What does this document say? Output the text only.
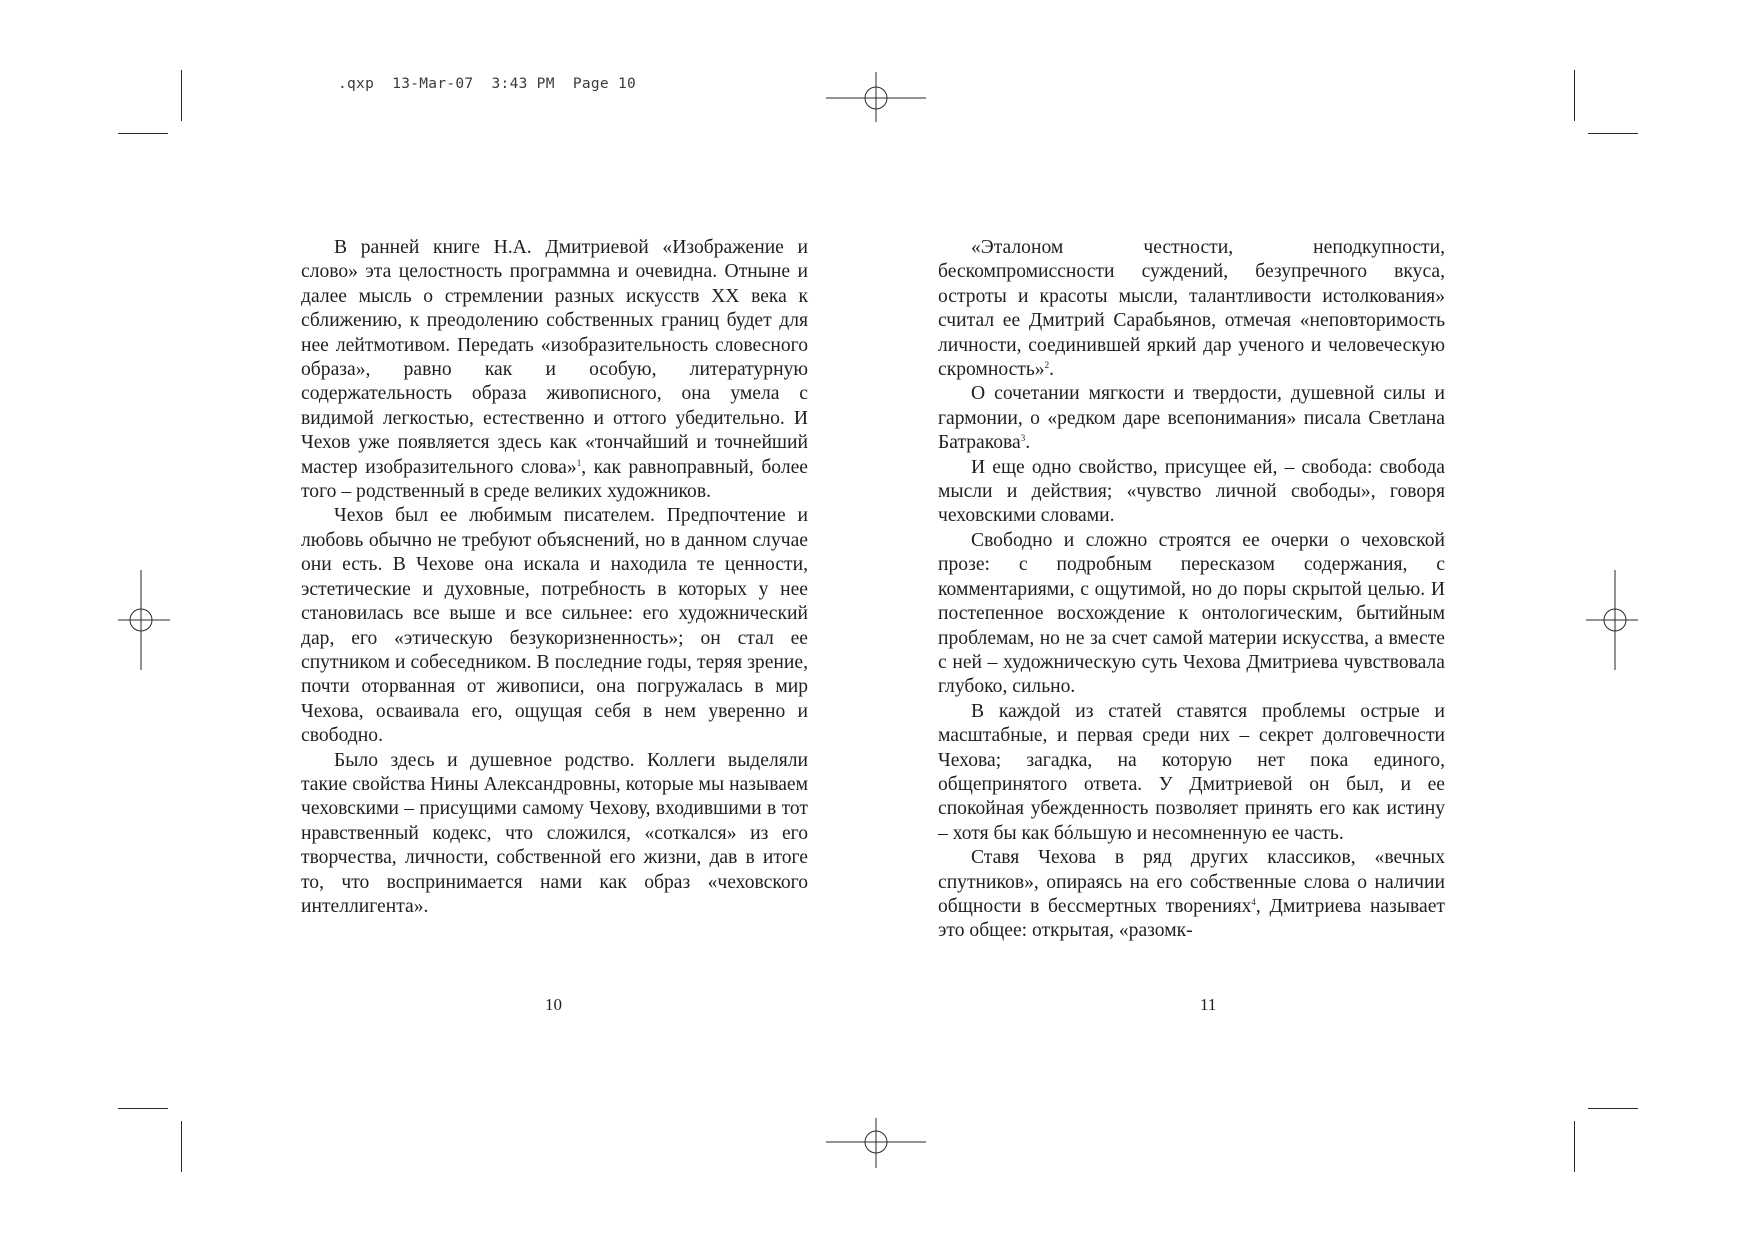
.qxp 13-Mar-07 3:43 PM Page 10

В ранней книге Н.А. Дмитриевой «Изображение и слово» эта целостность программна и очевидна. Отныне и далее мысль о стремлении разных искусств XX века к сближению, к преодолению собственных границ будет для нее лейтмотивом. Передать «изобразительность словесного образа», равно как и особую, литературную содержательность образа живописного, она умела с видимой легкостью, естественно и оттого убедительно. И Чехов уже появляется здесь как «тончайший и точнейший мастер изобразительного слова»$^1$, как равноправный, более того – родственный в среде великих художников.

Чехов был ее любимым писателем. Предпочтение и любовь обычно не требуют объяснений, но в данном случае они есть. В Чехове она искала и находила те ценности, эстетические и духовные, потребность в которых у нее становилась все выше и все сильнее: его художнический дар, его «этическую безукоризненность»; он стал ее спутником и собеседником. В последние годы, теряя зрение, почти оторванная от живописи, она погружалась в мир Чехова, осваивала его, ощущая себя в нем уверенно и свободно.

Было здесь и душевное родство. Коллеги выделяли такие свойства Нины Александровны, которые мы называем чеховскими – присущими самому Чехову, входившими в тот нравственный кодекс, что сложился, «соткался» из его творчества, личности, собственной его жизни, дав в итоге то, что воспринимается нами как образ «чеховского интеллигента».

«Эталоном честности, неподкупности, бескомпромиссности суждений, безупречного вкуса, остроты и красоты мысли, талантливости истолкования» считал ее Дмитрий Сарабьянов, отмечая «неповторимость личности, соединившей яркий дар ученого и человеческую скромность»$^2$.

О сочетании мягкости и твердости, душевной силы и гармонии, о «редком даре всепонимания» писала Светлана Батракова$^3$.

И еще одно свойство, присущее ей, – свобода: свобода мысли и действия; «чувство личной свободы», говоря чеховскими словами.

Свободно и сложно строятся ее очерки о чеховской прозе: с подробным пересказом содержания, с комментариями, с ощутимой, но до поры скрытой целью. И постепенное восхождение к онтологическим, бытийным проблемам, но не за счет самой материи искусства, а вместе с ней – художническую суть Чехова Дмитриева чувствовала глубоко, сильно.

В каждой из статей ставятся проблемы острые и масштабные, и первая среди них – секрет долговечности Чехова; загадка, на которую нет пока единого, общепринятого ответа. У Дмитриевой он был, и ее спокойная убежденность позволяет принять его как истину – хотя бы как бóльшую и несомненную ее часть.

Ставя Чехова в ряд других классиков, «вечных спутников», опираясь на его собственные слова о наличии общности в бессмертных творениях$^4$, Дмитриева называет это общее: открытая, «разомк-

10	11
